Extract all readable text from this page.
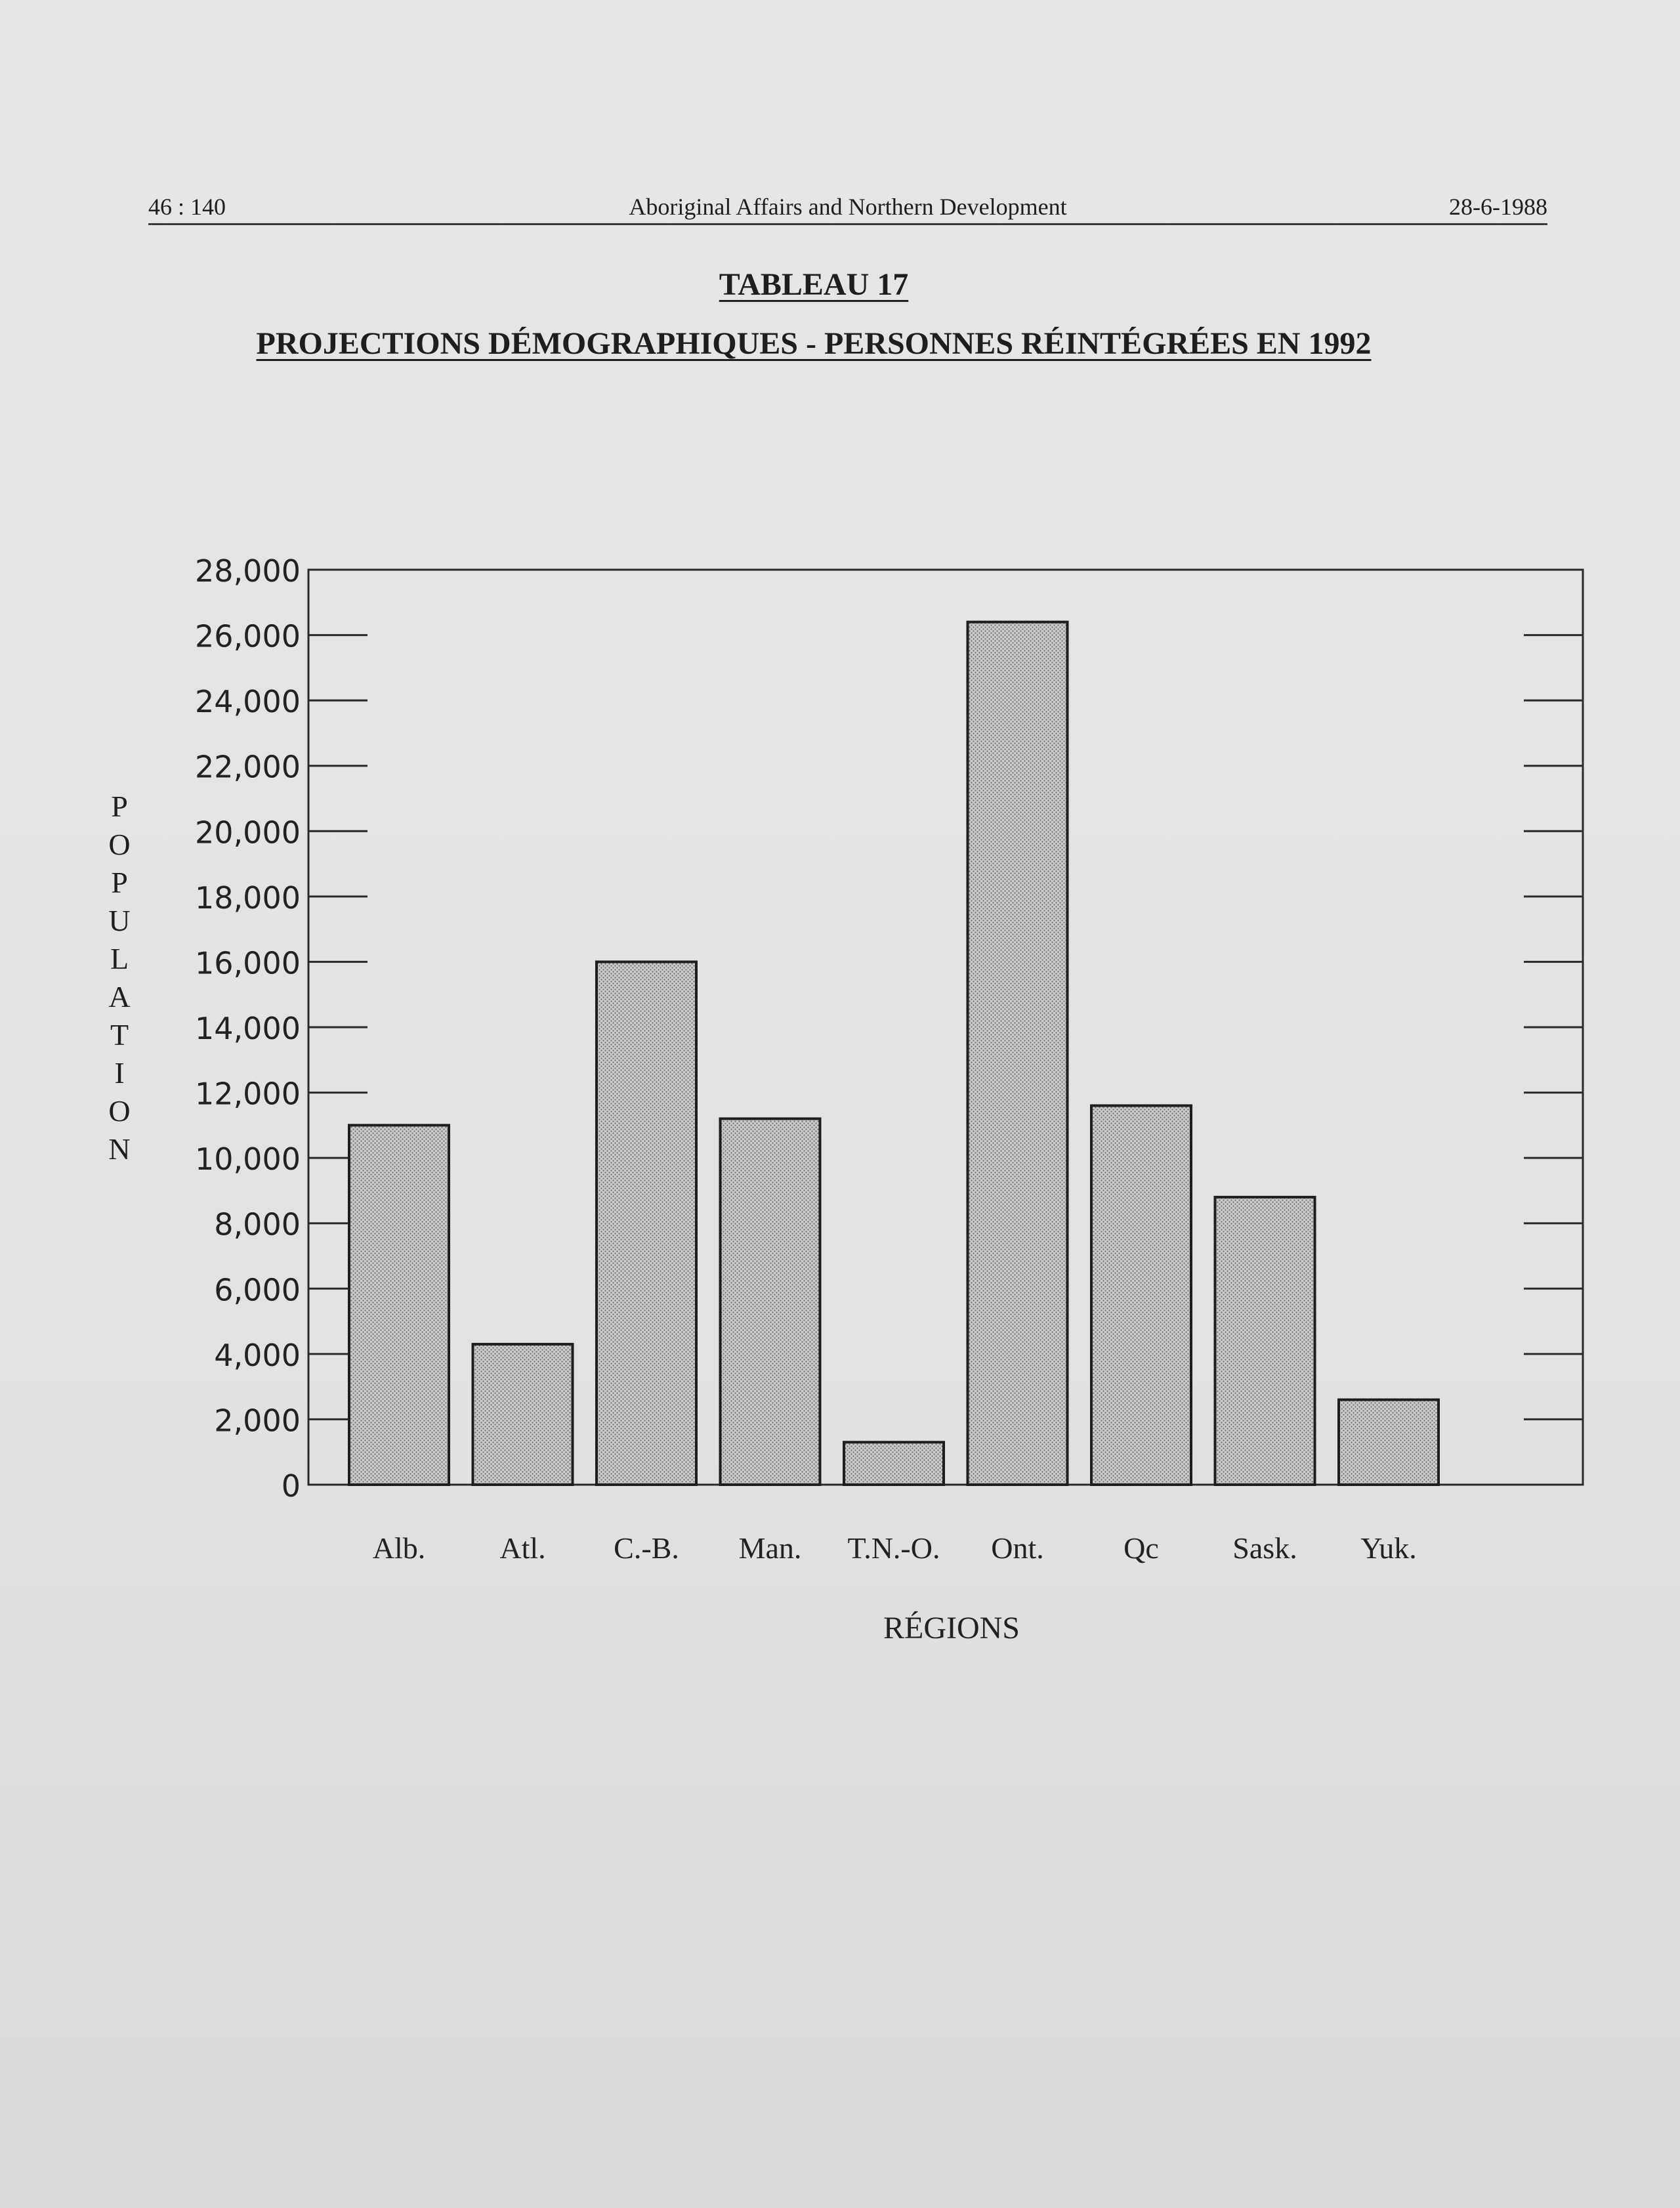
46 : 140	Aboriginal Affairs and Northern Development	28-6-1988
TABLEAU 17
PROJECTIONS DÉMOGRAPHIQUES - PERSONNES RÉINTÉGRÉES EN 1992
P
O
P
U
L
A
T
I
O
N
0
2,000
4,000
6,000
8,000
10,000
12,000
14,000
16,000
18,000
20,000
22,000
24,000
26,000
28,000
Alb. Atl. C.-B. Man. T.N.-O. Ont.	Qc Sask. Yuk.
RÉGIONS
